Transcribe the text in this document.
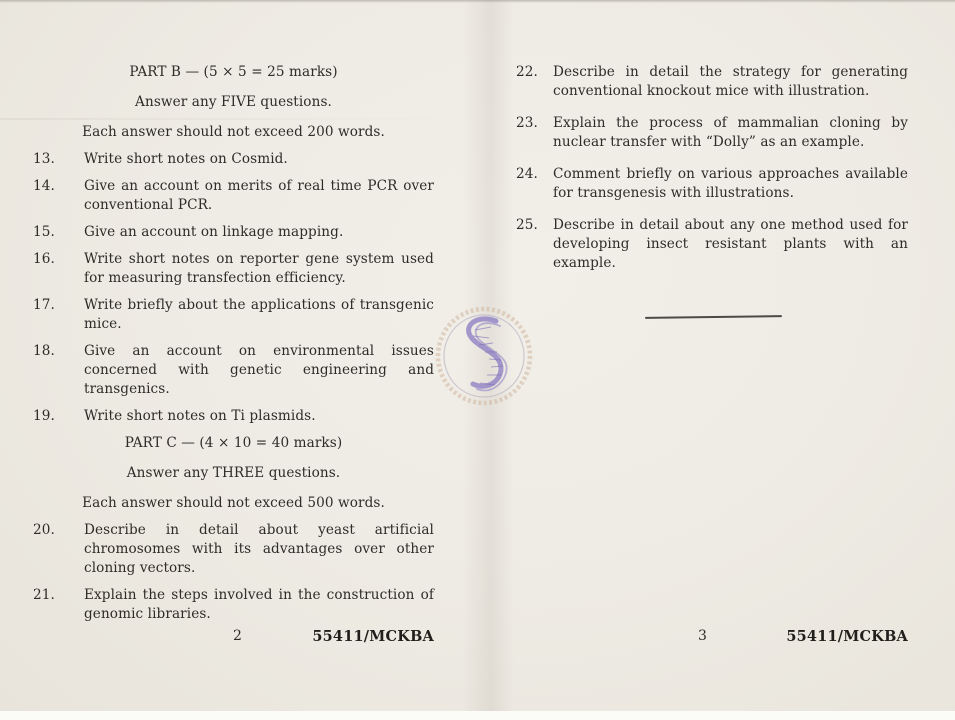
PART B — (5 × 5 = 25 marks)
Answer any FIVE questions.
Each answer should not exceed 200 words.
13.	Write short notes on Cosmid.
14.	Give an account on merits of real time PCR over conventional PCR.
15.	Give an account on linkage mapping.
16.	Write short notes on reporter gene system used for measuring transfection efficiency.
17.	Write briefly about the applications of transgenic mice.
18.	Give an account on environmental issues concerned with genetic engineering and transgenics.
19.	Write short notes on Ti plasmids.
PART C — (4 × 10 = 40 marks)
Answer any THREE questions.
Each answer should not exceed 500 words.
20.	Describe in detail about yeast artificial chromosomes with its advantages over other cloning vectors.
21.	Explain the steps involved in the construction of genomic libraries.
22.	Describe in detail the strategy for generating conventional knockout mice with illustration.
23.	Explain the process of mammalian cloning by nuclear transfer with “Dolly” as an example.
24.	Comment briefly on various approaches available for transgenesis with illustrations.
25.	Describe in detail about any one method used for developing insect resistant plants with an example.
2	55411/MCKBA	3	55411/MCKBA
